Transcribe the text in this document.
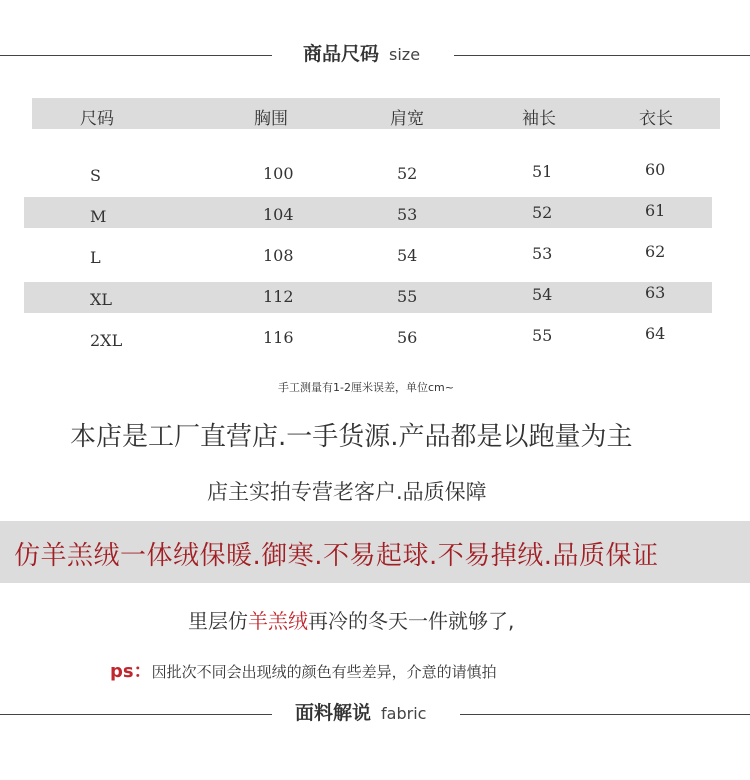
商品尺码 size
尺码	胸围	肩宽	袖长	衣长
S	100	52	51	60
M	104	53	52	61
L	108	54	53	62
XL	112	55	54	63
2XL	116	56	55	64
手工测量有1-2厘米误差，单位cm~
本店是工厂直营店.一手货源.产品都是以跑量为主
店主实拍专营老客户.品质保障
仿羊羔绒一体绒保暖.御寒.不易起球.不易掉绒.品质保证
里层仿羊羔绒再冷的冬天一件就够了,
ps：因批次不同会出现绒的颜色有些差异，介意的请慎拍
面料解说 fabric
